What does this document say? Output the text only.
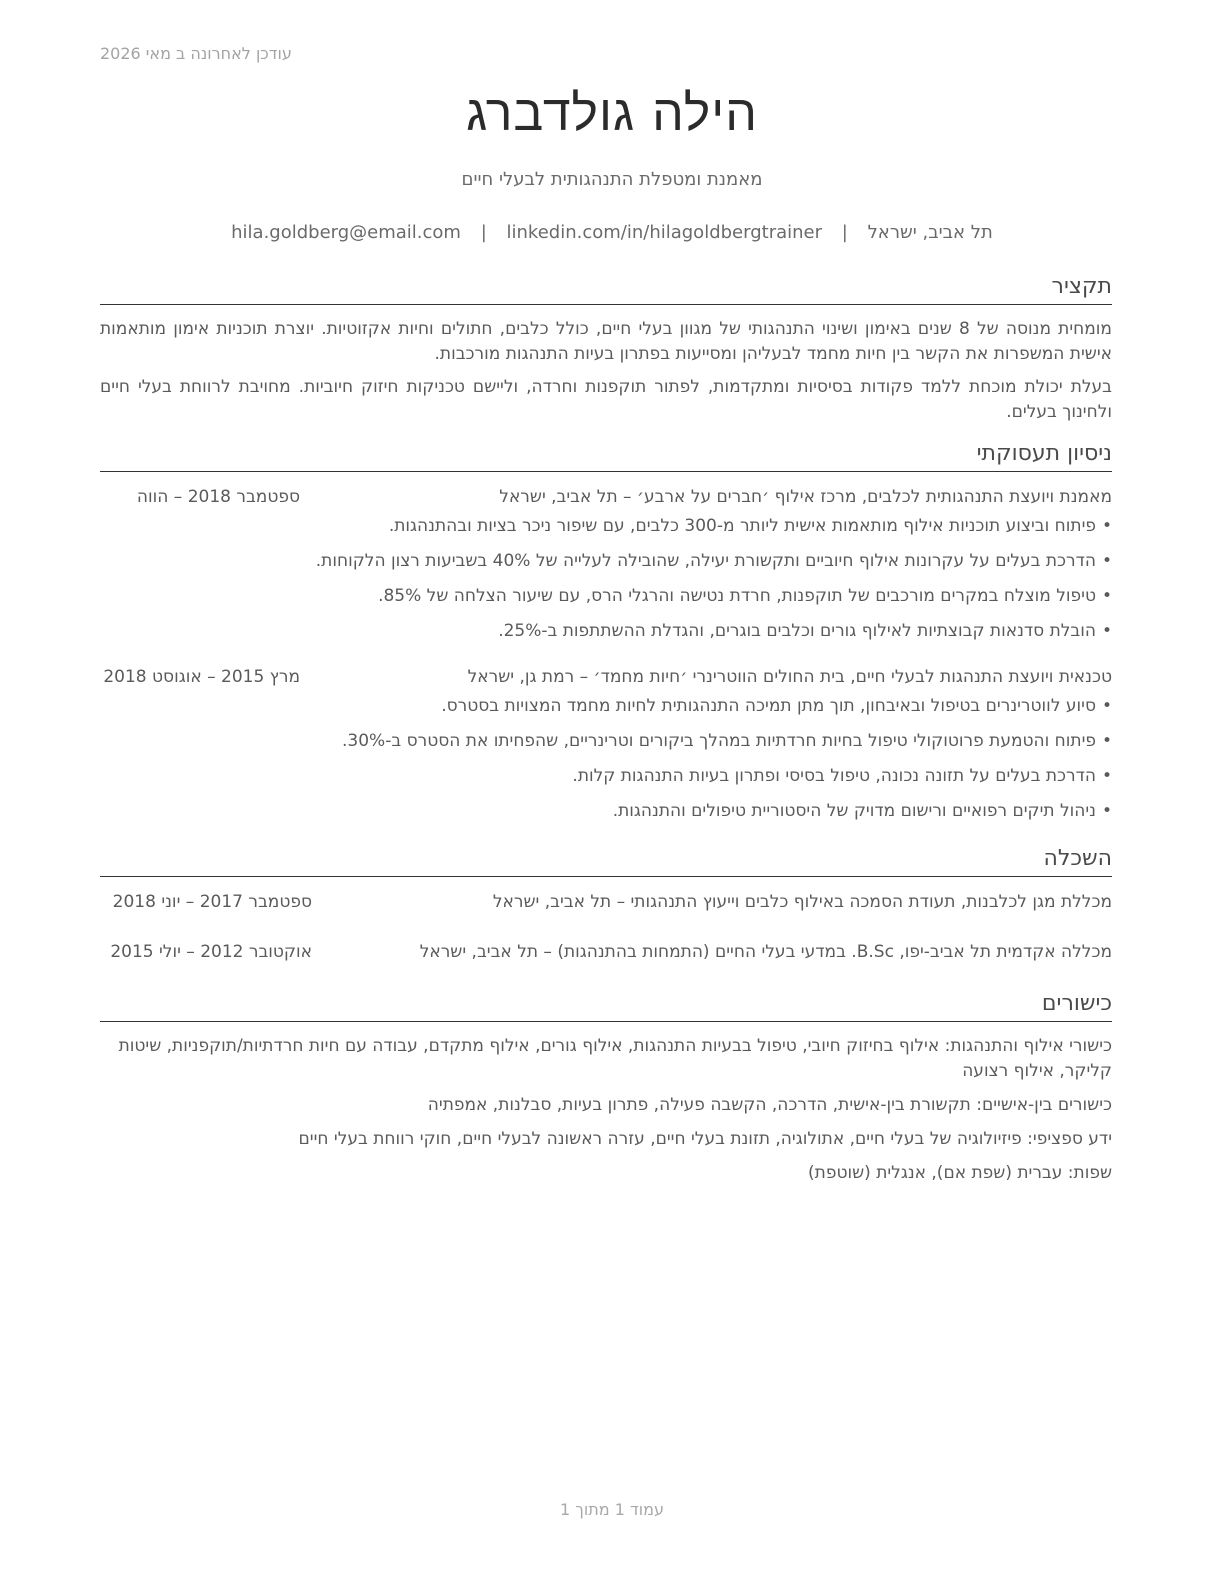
עודכן לאחרונה ב מאי 2026
הילה גולדברג
מאמנת ומטפלת התנהגותית לבעלי חיים
תל אביב, ישראל | hila.goldberg@email.com | linkedin.com/in/hilagoldbergtrainer
תקציר

מומחית מנוסה של 8 שנים באימון ושינוי התנהגותי של מגוון בעלי חיים, כולל כלבים, חתולים וחיות אקזוטיות. יוצרת תוכניות אימון מותאמות אישית המשפרות את הקשר בין חיות מחמד לבעליהן ומסייעות בפתרון בעיות התנהגות מורכבות.

בעלת יכולת מוכחת ללמד פקודות בסיסיות ומתקדמות, לפתור תוקפנות וחרדה, וליישם טכניקות חיזוק חיוביות. מחויבת לרווחת בעלי חיים ולחינוך בעלים.

ניסיון תעסוקתי
מאמנת ויועצת התנהגותית לכלבים, מרכז אילוף ׳חברים על ארבע׳ – תל אביב, ישראל
ספטמבר 2018 – הווה
•
פיתוח וביצוע תוכניות אילוף מותאמות אישית ליותר מ-300 כלבים, עם שיפור ניכר בציות ובהתנהגות.
•
הדרכת בעלים על עקרונות אילוף חיוביים ותקשורת יעילה, שהובילה לעלייה של 40% בשביעות רצון הלקוחות.
•
טיפול מוצלח במקרים מורכבים של תוקפנות, חרדת נטישה והרגלי הרס, עם שיעור הצלחה של 85%.
•
הובלת סדנאות קבוצתיות לאילוף גורים וכלבים בוגרים, והגדלת ההשתתפות ב-25%.
טכנאית ויועצת התנהגות לבעלי חיים, בית החולים הווטרינרי ׳חיות מחמד׳ – רמת גן, ישראל
מרץ 2015 – אוגוסט 2018
•
סיוע לווטרינרים בטיפול ובאיבחון, תוך מתן תמיכה התנהגותית לחיות מחמד המצויות בסטרס.
•
פיתוח והטמעת פרוטוקולי טיפול בחיות חרדתיות במהלך ביקורים וטרינריים, שהפחיתו את הסטרס ב-30%.
•
הדרכת בעלים על תזונה נכונה, טיפול בסיסי ופתרון בעיות התנהגות קלות.
•
ניהול תיקים רפואיים ורישום מדויק של היסטוריית טיפולים והתנהגות.
השכלה
מכללת מגן לכלבנות, תעודת הסמכה באילוף כלבים וייעוץ התנהגותי – תל אביב, ישראל
ספטמבר 2017 – יוני 2018
מכללה אקדמית תל אביב-יפו, B.Sc. במדעי בעלי החיים (התמחות בהתנהגות) – תל אביב, ישראל
אוקטובר 2012 – יולי 2015
כישורים
כישורי אילוף והתנהגות: אילוף בחיזוק חיובי, טיפול בבעיות התנהגות, אילוף גורים, אילוף מתקדם, עבודה עם חיות חרדתיות/תוקפניות, שיטות קליקר, אילוף רצועה
כישורים בין-אישיים: תקשורת בין-אישית, הדרכה, הקשבה פעילה, פתרון בעיות, סבלנות, אמפתיה
ידע ספציפי: פיזיולוגיה של בעלי חיים, אתולוגיה, תזונת בעלי חיים, עזרה ראשונה לבעלי חיים, חוקי רווחת בעלי חיים
שפות: עברית (שפת אם), אנגלית (שוטפת)
עמוד 1 מתוך 1
